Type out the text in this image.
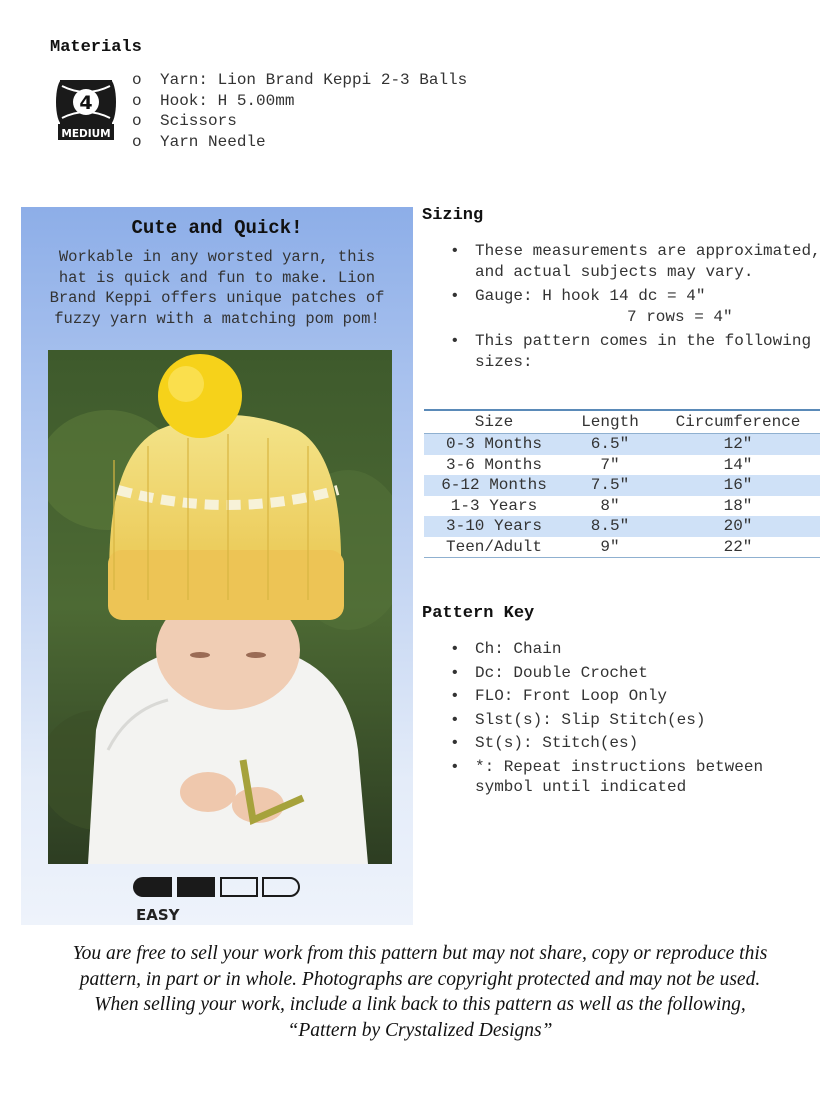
Materials
4
MEDIUM
o Yarn: Lion Brand Keppi 2-3 Balls
o Hook: H 5.00mm
o Scissors
o Yarn Needle
Cute and Quick!
Workable in any worsted yarn, this hat is quick and fun to make. Lion Brand Keppi offers unique patches of fuzzy yarn with a matching pom pom!
EASY
Sizing
• These measurements are approximated, and actual subjects may vary.
• Gauge: H hook 14 dc = 4"
7 rows = 4"
• This pattern comes in the following sizes:
Size	Length	Circumference
0-3 Months	6.5"	12"
3-6 Months	7"	14"
6-12 Months	7.5"	16"
1-3 Years	8"	18"
3-10 Years	8.5"	20"
Teen/Adult	9"	22"
Pattern Key
• Ch: Chain
• Dc: Double Crochet
• FLO: Front Loop Only
• Slst(s): Slip Stitch(es)
• St(s): Stitch(es)
• *: Repeat instructions between symbol until indicated
You are free to sell your work from this pattern but may not share, copy or reproduce this pattern, in part or in whole. Photographs are copyright protected and may not be used. When selling your work, include a link back to this pattern as well as the following, “Pattern by Crystalized Designs”
